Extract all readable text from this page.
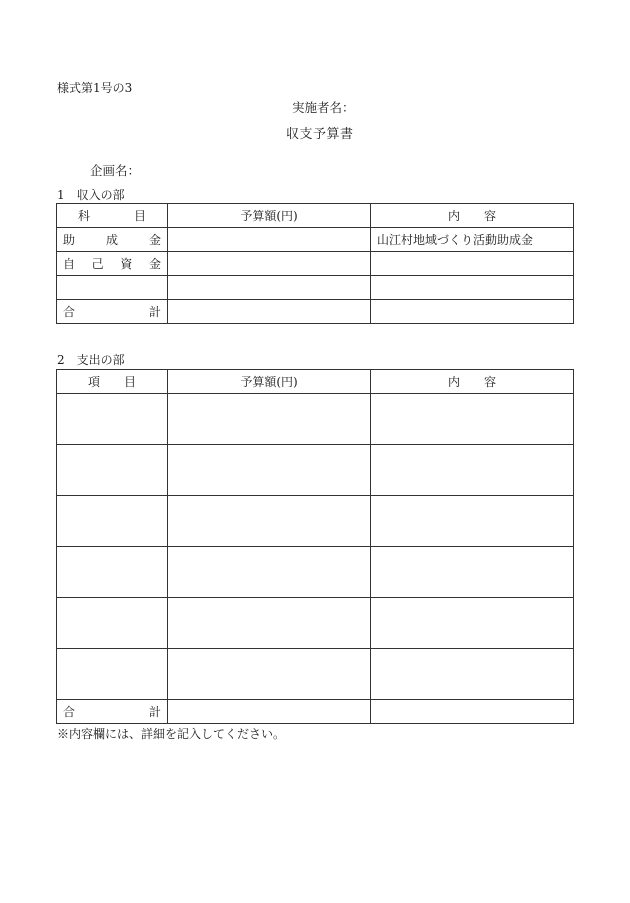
様式第1号の3
実施者名：
収支予算書
企画名：
1　収入の部
科 目	予算額(円)	内 容

助 成 金		山江村地域づくり活動助成金

自 己 資 金		

合 計		

2　支出の部
項 目	予算額(円)	内 容

合 計		

※内容欄には、詳細を記入してください。
